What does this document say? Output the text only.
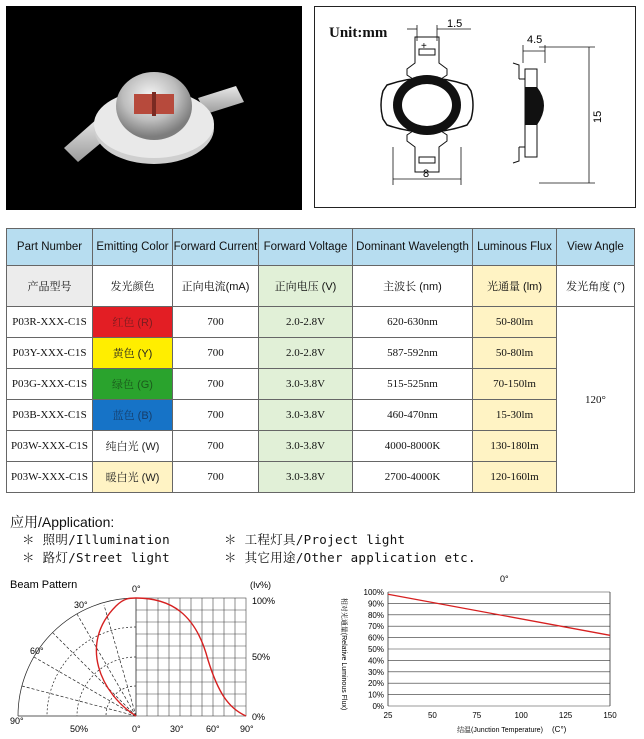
Unit:mm
1.5
+
8
4.5
15
Part Number	Emitting Color	Forward Current	Forward Voltage	Dominant Wavelength	Luminous Flux	View Angle
产品型号	发光颜色	正向电流(mA)	正向电压 (V)	主波长 (nm)	光通量 (lm)	发光角度 (°)
P03R-XXX-C1S	红色 (R)	700	2.0-2.8V	620-630nm	50-80lm	120°
P03Y-XXX-C1S	黄色 (Y)	700	2.0-2.8V	587-592nm	50-80lm	
P03G-XXX-C1S	绿色 (G)	700	3.0-3.8V	515-525nm	70-150lm	
P03B-XXX-C1S	蓝色 (B)	700	3.0-3.8V	460-470nm	15-30lm	
P03W-XXX-C1S	纯白光 (W)	700	3.0-3.8V	4000-8000K	130-180lm	
P03W-XXX-C1S	暖白光 (W)	700	3.0-3.8V	2700-4000K	120-160lm	
应用/Application:
＊ 照明/Illumination	＊ 工程灯具/Project light
＊ 路灯/Street light	＊ 其它用途/Other application etc.
Beam Pattern
30°
60°
90°
0°
50%
(Iv%)
100%
50%
0%
0°	30° 60° 90°
0°
相对光通量(Relative Luminous Flux)
结温(Junction Temperature) (C°)
100%
90%
80%
70%
60%
50%
40%
30%
20%
10%
0%
25	50	75	100	125	150
